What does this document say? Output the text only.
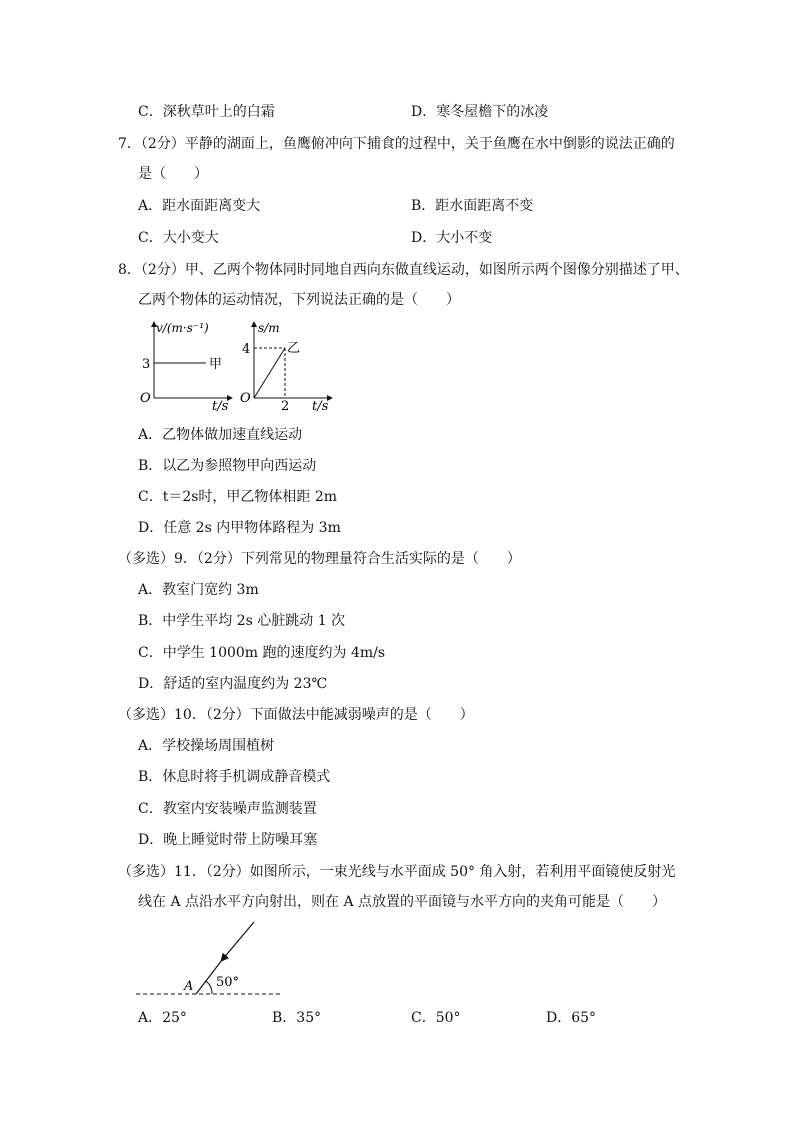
C．深秋草叶上的白霜	D．寒冬屋檐下的冰凌
7．（2分）平静的湖面上，鱼鹰俯冲向下捕食的过程中，关于鱼鹰在水中倒影的说法正确的
是（　　）
A．距水面距离变大	B．距水面距离不变
C．大小变大	D．大小不变
8．（2分）甲、乙两个物体同时同地自西向东做直线运动，如图所示两个图像分别描述了甲、
乙两个物体的运动情况，下列说法正确的是（　　）
v/(m·s⁻¹)
3	甲
O
t/s
s/m
4	乙
O
2 t/s
A．乙物体做加速直线运动
B．以乙为参照物甲向西运动
C．t＝2s时，甲乙物体相距 2m
D．任意 2s 内甲物体路程为 3m
（多选）9．（2分）下列常见的物理量符合生活实际的是（　　）
A．教室门宽约 3m
B．中学生平均 2s 心脏跳动 1 次
C．中学生 1000m 跑的速度约为 4m/s
D．舒适的室内温度约为 23℃
（多选）10．（2分）下面做法中能减弱噪声的是（　　）
A．学校操场周围植树
B．休息时将手机调成静音模式
C．教室内安装噪声监测装置
D．晚上睡觉时带上防噪耳塞
（多选）11．（2分）如图所示，一束光线与水平面成 50° 角入射，若利用平面镜使反射光
线在 A 点沿水平方向射出，则在 A 点放置的平面镜与水平方向的夹角可能是（　　）
A 50°
A．25°	B．35°	C．50°	D．65°
